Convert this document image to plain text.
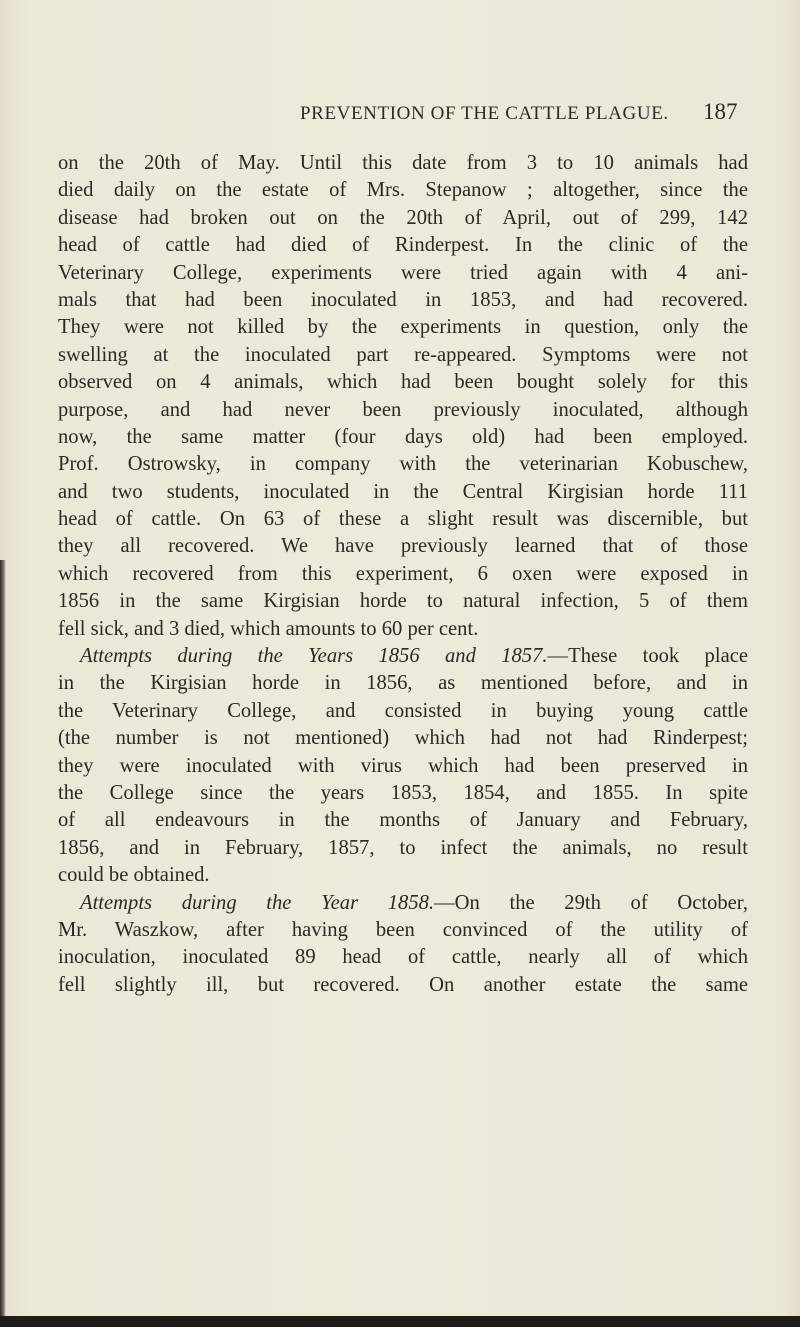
PREVENTION OF THE CATTLE PLAGUE. 187
on the 20th of May. Until this date from 3 to 10 animals had
died daily on the estate of Mrs. Stepanow ; altogether, since the
disease had broken out on the 20th of April, out of 299, 142
head of cattle had died of Rinderpest. In the clinic of the
Veterinary College, experiments were tried again with 4 ani-
mals that had been inoculated in 1853, and had recovered.
They were not killed by the experiments in question, only the
swelling at the inoculated part re-appeared. Symptoms were not
observed on 4 animals, which had been bought solely for this
purpose, and had never been previously inoculated, although
now, the same matter (four days old) had been employed.
Prof. Ostrowsky, in company with the veterinarian Kobuschew,
and two students, inoculated in the Central Kirgisian horde 111
head of cattle. On 63 of these a slight result was discernible, but
they all recovered. We have previously learned that of those
which recovered from this experiment, 6 oxen were exposed in
1856 in the same Kirgisian horde to natural infection, 5 of them
fell sick, and 3 died, which amounts to 60 per cent.
Attempts during the Years 1856 and 1857.—These took place
in the Kirgisian horde in 1856, as mentioned before, and in
the Veterinary College, and consisted in buying young cattle
(the number is not mentioned) which had not had Rinderpest;
they were inoculated with virus which had been preserved in
the College since the years 1853, 1854, and 1855. In spite
of all endeavours in the months of January and February,
1856, and in February, 1857, to infect the animals, no result
could be obtained.
Attempts during the Year 1858.—On the 29th of October,
Mr. Waszkow, after having been convinced of the utility of
inoculation, inoculated 89 head of cattle, nearly all of which
fell slightly ill, but recovered. On another estate the same
